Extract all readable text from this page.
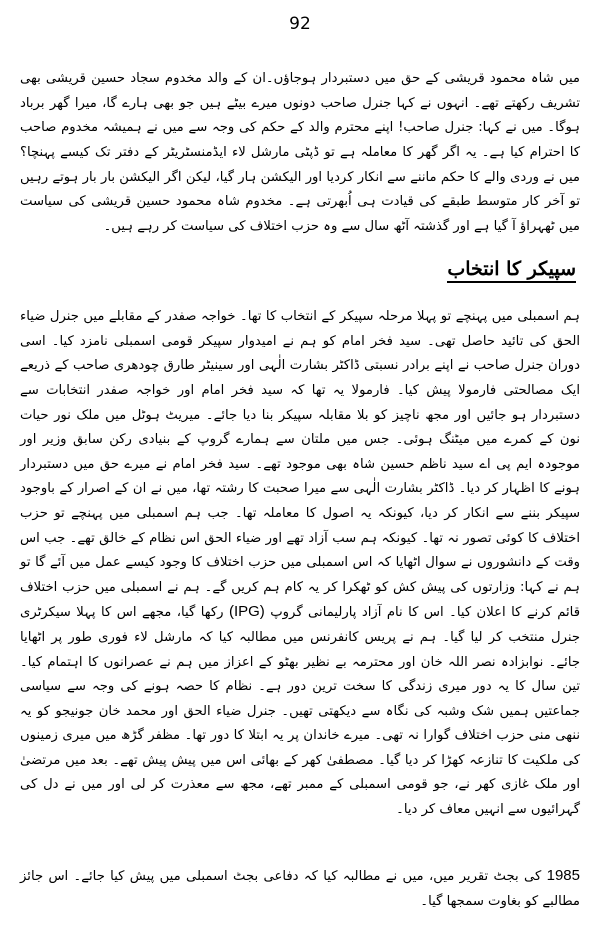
92

میں شاہ محمود قریشی کے حق میں دستبردار ہوجاؤں۔ان کے والد مخدوم سجاد حسین قریشی بھی تشریف رکھتے تھے۔ انہوں نے کہا جنرل صاحب دونوں میرے بیٹے ہیں جو بھی ہارے گا، میرا گھر برباد ہوگا۔ میں نے کہا: جنرل صاحب! اپنے محترم والد کے حکم کی وجہ سے میں نے ہمیشہ مخدوم صاحب کا احترام کیا ہے۔ یہ اگر گھر کا معاملہ ہے تو ڈپٹی مارشل لاء ایڈمنسٹریٹر کے دفتر تک کیسے پہنچا؟ میں نے وردی والے کا حکم ماننے سے انکار کردیا اور الیکشن ہار گیا، لیکن اگر الیکشن بار بار ہوتے رہیں تو آخر کار متوسط طبقے کی قیادت ہی اُبھرتی ہے۔ مخدوم شاہ محمود حسین قریشی کی سیاست میں ٹھہراؤ آ گیا ہے اور گذشتہ آٹھ سال سے وہ حزب اختلاف کی سیاست کر رہے ہیں۔

سپیکر کا انتخاب

ہم اسمبلی میں پہنچے تو پہلا مرحلہ سپیکر کے انتخاب کا تھا۔ خواجہ صفدر کے مقابلے میں جنرل ضیاء الحق کی تائید حاصل تھی۔ سید فخر امام کو ہم نے امیدوار سپیکر قومی اسمبلی نامزد کیا۔ اسی دوران جنرل صاحب نے اپنے برادر نسبتی ڈاکٹر بشارت الٰہی اور سینیٹر طارق چودھری صاحب کے ذریعے ایک مصالحتی فارمولا پیش کیا۔ فارمولا یہ تھا کہ سید فخر امام اور خواجہ صفدر انتخابات سے دستبردار ہو جائیں اور مجھ ناچیز کو بلا مقابلہ سپیکر بنا دیا جائے۔ میریٹ ہوٹل میں ملک نور حیات نون کے کمرے میں میٹنگ ہوئی۔ جس میں ملتان سے ہمارے گروپ کے بنیادی رکن سابق وزیر اور موجودہ ایم پی اے سید ناظم حسین شاہ بھی موجود تھے۔ سید فخر امام نے میرے حق میں دستبردار ہونے کا اظہار کر دیا۔ ڈاکٹر بشارت الٰہی سے میرا صحبت کا رشتہ تھا، میں نے ان کے اصرار کے باوجود سپیکر بننے سے انکار کر دیا، کیونکہ یہ اصول کا معاملہ تھا۔ جب ہم اسمبلی میں پہنچے تو حزب اختلاف کا کوئی تصور نہ تھا۔ کیونکہ ہم سب آزاد تھے اور ضیاء الحق اس نظام کے خالق تھے۔ جب اس وقت کے دانشوروں نے سوال اٹھایا کہ اس اسمبلی میں حزب اختلاف کا وجود کیسے عمل میں آئے گا تو ہم نے کہا: وزارتوں کی پیش کش کو ٹھکرا کر یہ کام ہم کریں گے۔ ہم نے اسمبلی میں حزب اختلاف قائم کرنے کا اعلان کیا۔ اس کا نام آزاد پارلیمانی گروپ (IPG) رکھا گیا، مجھے اس کا پہلا سیکرٹری جنرل منتخب کر لیا گیا۔ ہم نے پریس کانفرنس میں مطالبہ کیا کہ مارشل لاء فوری طور پر اٹھایا جائے۔ نوابزادہ نصر اللہ خان اور محترمہ بے نظیر بھٹو کے اعزاز میں ہم نے عصرانوں کا اہتمام کیا۔ تین سال کا یہ دور میری زندگی کا سخت ترین دور ہے۔ نظام کا حصہ ہونے کی وجہ سے سیاسی جماعتیں ہمیں شک وشبہ کی نگاہ سے دیکھتی تھیں۔ جنرل ضیاء الحق اور محمد خان جونیجو کو یہ ننھی منی حزب اختلاف گوارا نہ تھی۔ میرے خاندان پر یہ ابتلا کا دور تھا۔ مظفر گڑھ میں میری زمینوں کی ملکیت کا تنازعہ کھڑا کر دیا گیا۔ مصطفیٰ کھر کے بھائی اس میں پیش پیش تھے۔ بعد میں مرتضیٰ اور ملک غازی کھر نے، جو قومی اسمبلی کے ممبر تھے، مجھ سے معذرت کر لی اور میں نے دل کی گہرائیوں سے انہیں معاف کر دیا۔

1985 کی بجٹ تقریر میں، میں نے مطالبہ کیا کہ دفاعی بجٹ اسمبلی میں پیش کیا جائے۔ اس جائز مطالبے کو بغاوت سمجھا گیا۔
